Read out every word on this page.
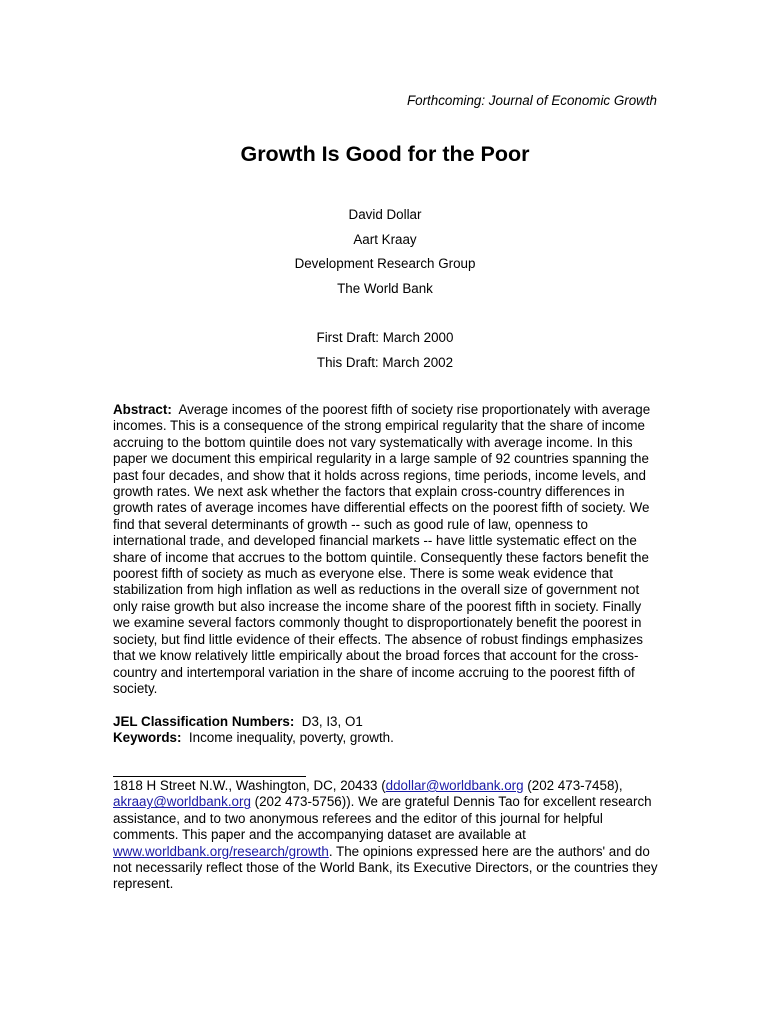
Forthcoming: Journal of Economic Growth
Growth Is Good for the Poor
David Dollar
Aart Kraay
Development Research Group
The World Bank
First Draft: March 2000
This Draft: March 2002

Abstract: Average incomes of the poorest fifth of society rise proportionately with average incomes. This is a consequence of the strong empirical regularity that the share of income accruing to the bottom quintile does not vary systematically with average income. In this paper we document this empirical regularity in a large sample of 92 countries spanning the past four decades, and show that it holds across regions, time periods, income levels, and growth rates. We next ask whether the factors that explain cross-country differences in growth rates of average incomes have differential effects on the poorest fifth of society. We find that several determinants of growth -- such as good rule of law, openness to international trade, and developed financial markets -- have little systematic effect on the share of income that accrues to the bottom quintile. Consequently these factors benefit the poorest fifth of society as much as everyone else. There is some weak evidence that stabilization from high inflation as well as reductions in the overall size of government not only raise growth but also increase the income share of the poorest fifth in society. Finally we examine several factors commonly thought to disproportionately benefit the poorest in society, but find little evidence of their effects. The absence of robust findings emphasizes that we know relatively little empirically about the broad forces that account for the cross-country and intertemporal variation in the share of income accruing to the poorest fifth of society.

JEL Classification Numbers: D3, I3, O1
Keywords: Income inequality, poverty, growth.
1818 H Street N.W., Washington, DC, 20433 (ddollar@worldbank.org (202 473-7458), akraay@worldbank.org (202 473-5756)). We are grateful Dennis Tao for excellent research assistance, and to two anonymous referees and the editor of this journal for helpful comments. This paper and the accompanying dataset are available at www.worldbank.org/research/growth. The opinions expressed here are the authors' and do not necessarily reflect those of the World Bank, its Executive Directors, or the countries they represent.
